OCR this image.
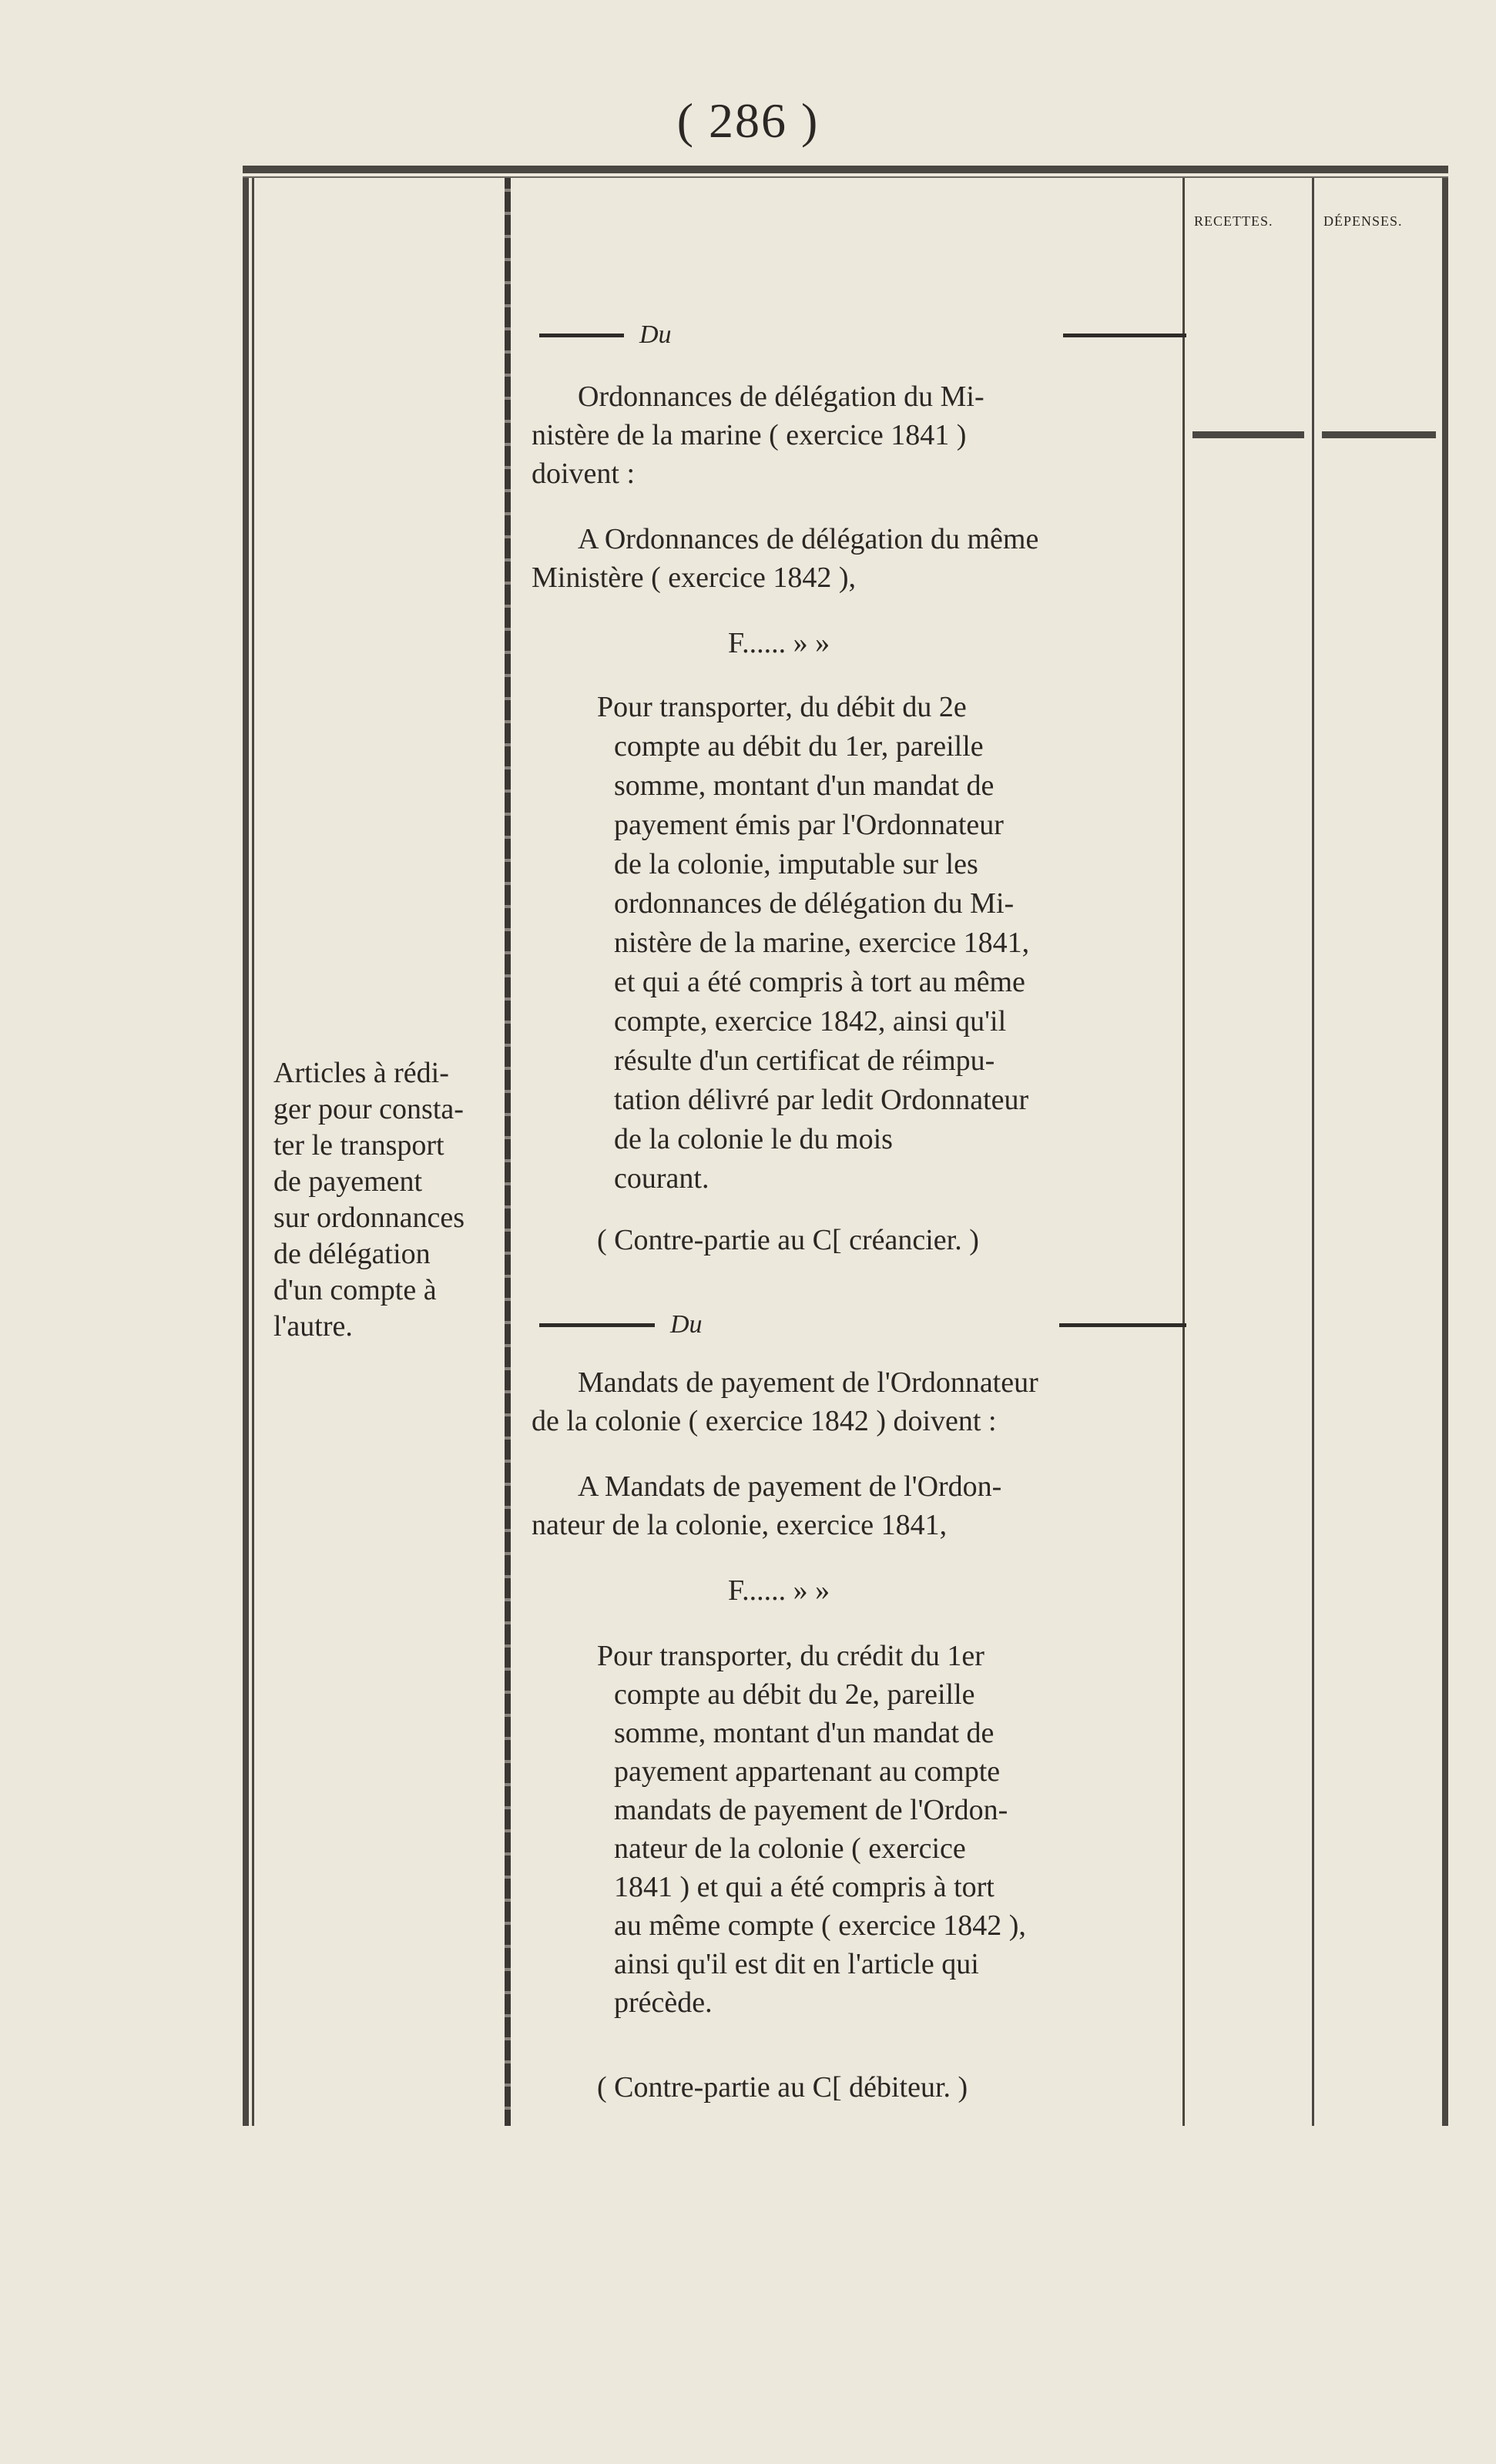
( 286 )
RECETTES.	DÉPENSES.
Articles à rédi-
ger pour consta-
ter le transport
de payement
sur ordonnances
de délégation
d'un compte à
l'autre.
Du
Ordonnances de délégation du Mi-
nistère de la marine ( exercice 1841 )
doivent :
A Ordonnances de délégation du même
Ministère ( exercice 1842 ),
F...... » »
Pour transporter, du débit du 2e
compte au débit du 1er, pareille
somme, montant d'un mandat de
payement émis par l'Ordonnateur
de la colonie, imputable sur les
ordonnances de délégation du Mi-
nistère de la marine, exercice 1841,
et qui a été compris à tort au même
compte, exercice 1842, ainsi qu'il
résulte d'un certificat de réimpu-
tation délivré par ledit Ordonnateur
de la colonie le du mois
courant.
( Contre-partie au C[ créancier. )
Du
Mandats de payement de l'Ordonnateur
de la colonie ( exercice 1842 ) doivent :
A Mandats de payement de l'Ordon-
nateur de la colonie, exercice 1841,
F...... » »
Pour transporter, du crédit du 1er
compte au débit du 2e, pareille
somme, montant d'un mandat de
payement appartenant au compte
mandats de payement de l'Ordon-
nateur de la colonie ( exercice
1841 ) et qui a été compris à tort
au même compte ( exercice 1842 ),
ainsi qu'il est dit en l'article qui
précède.
( Contre-partie au C[ débiteur. )
